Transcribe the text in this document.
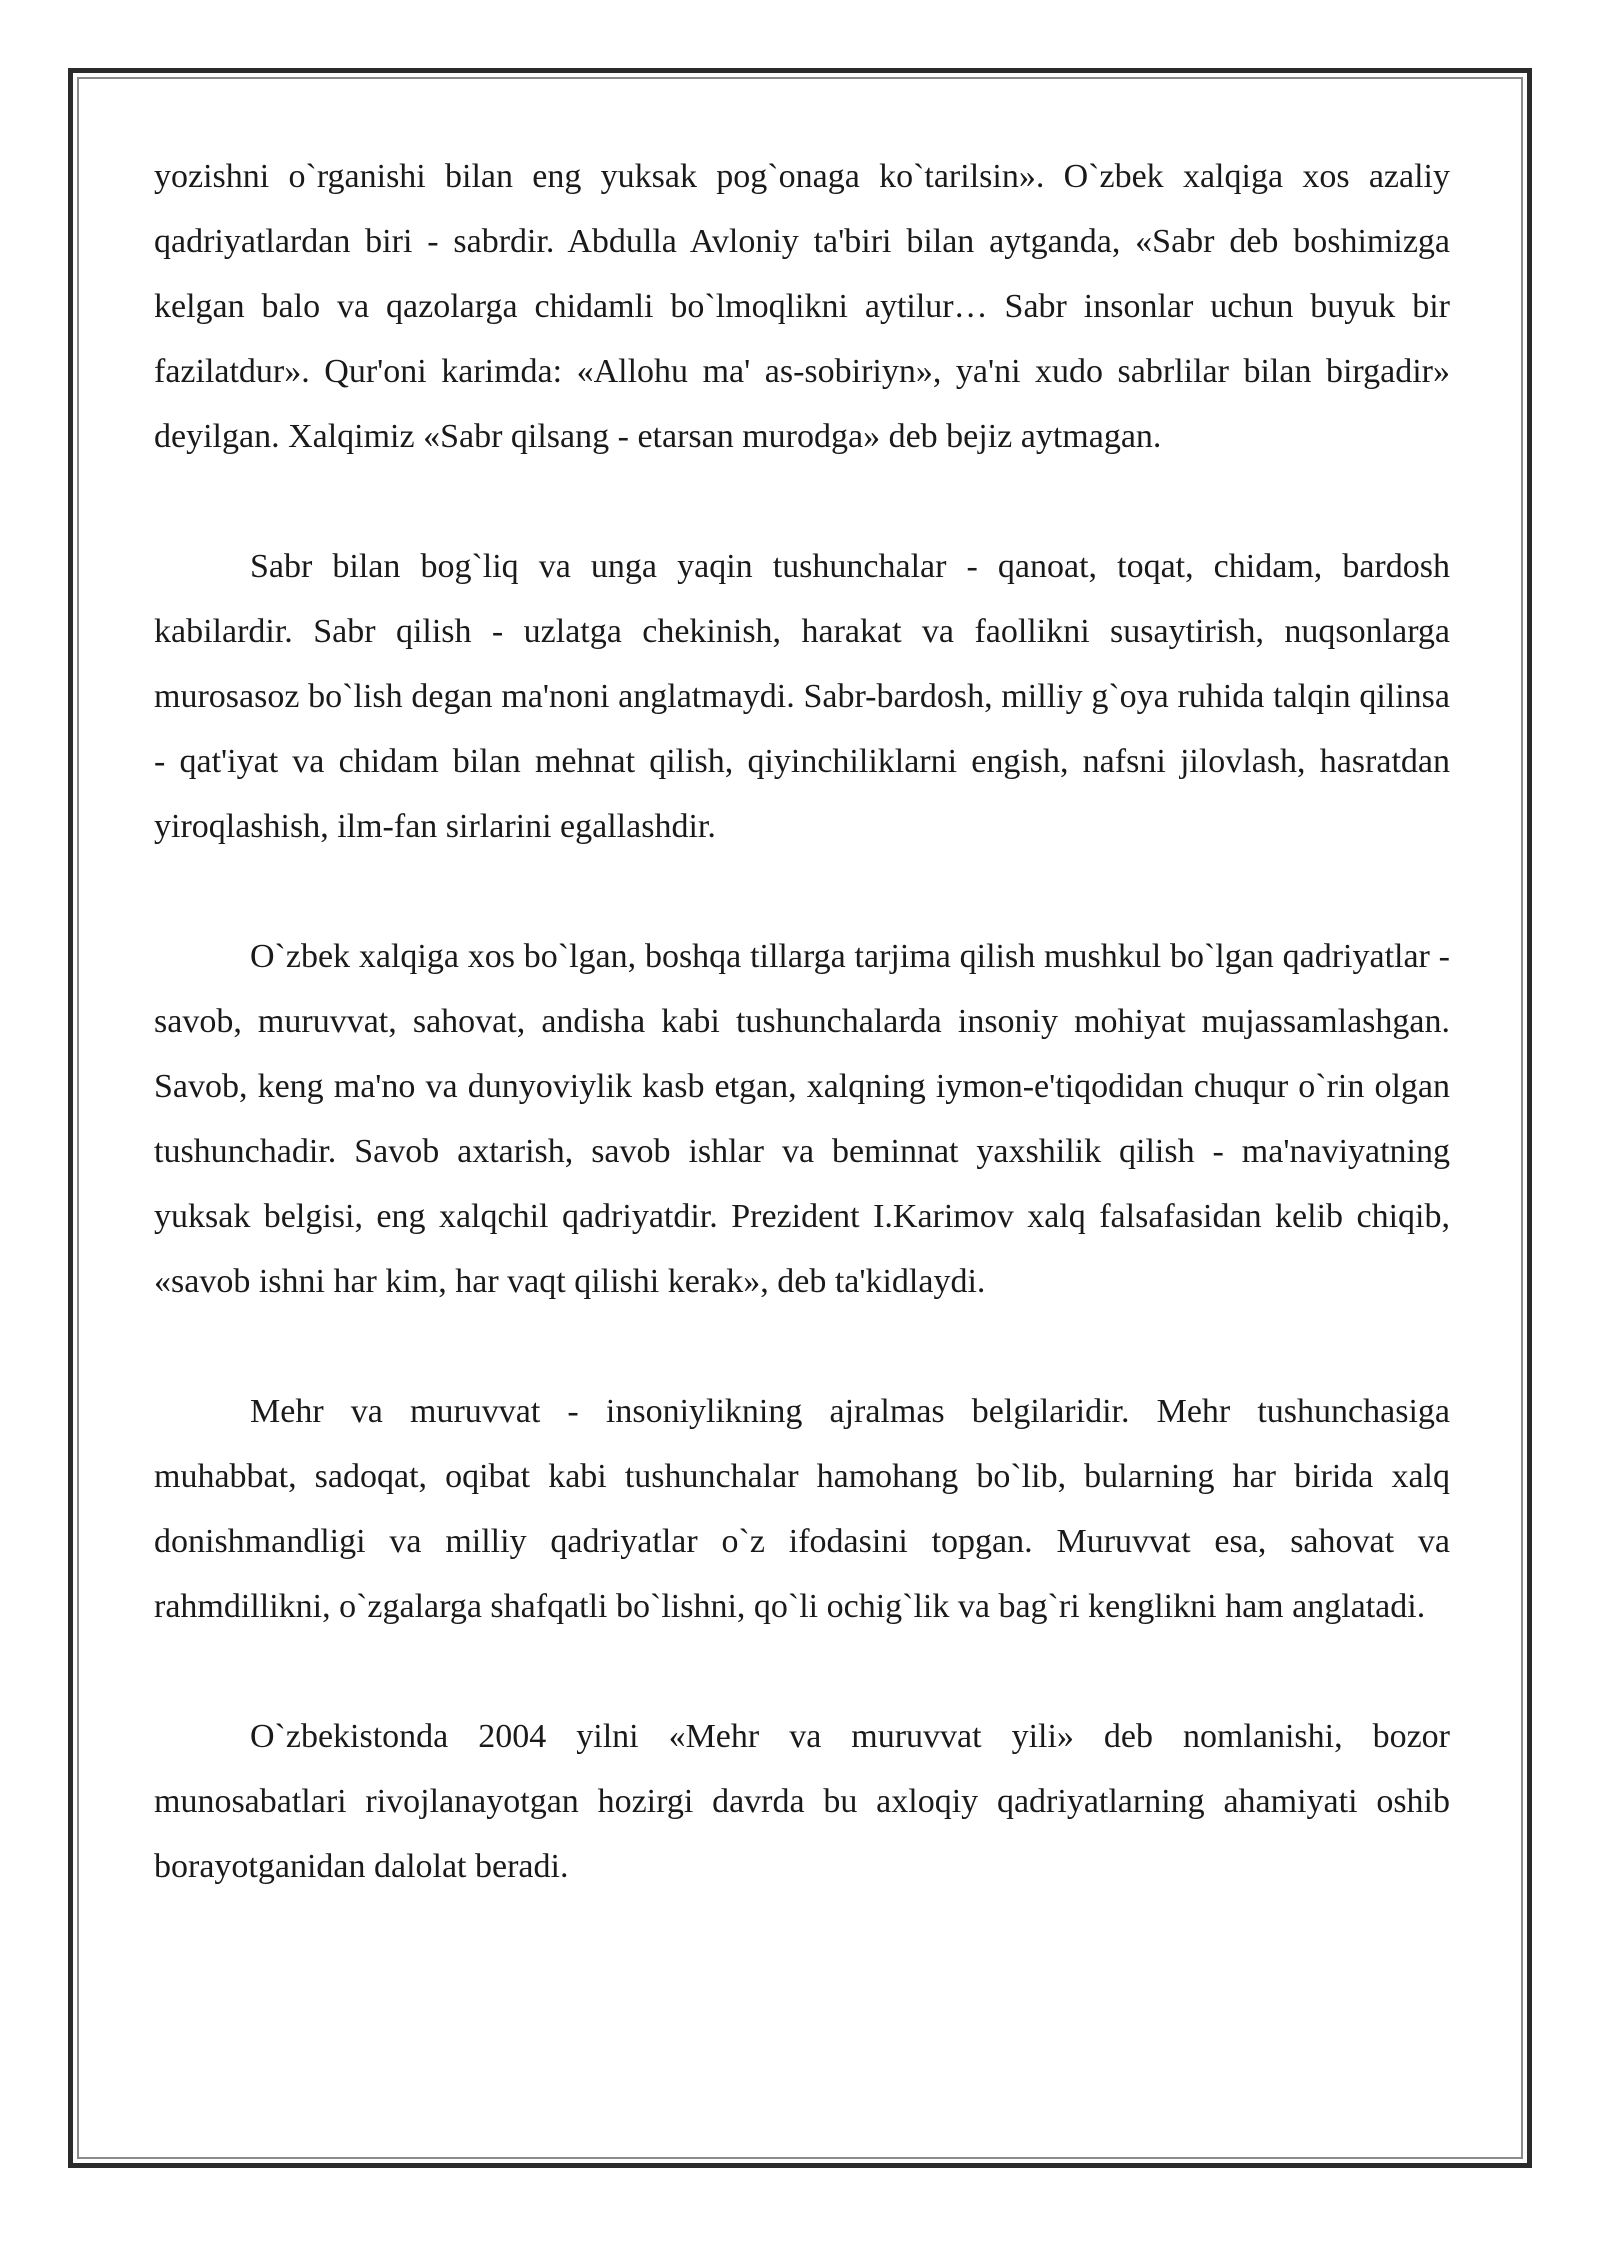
yozishni o`rganishi bilan eng yuksak pog`onaga ko`tarilsin». O`zbek xalqiga xos azaliy qadriyatlardan biri - sabrdir. Abdulla Avloniy ta'biri bilan aytganda, «Sabr deb boshimizga kelgan balo va qazolarga chidamli bo`lmoqlikni aytilur… Sabr insonlar uchun buyuk bir fazilatdur». Qur'oni karimda: «Allohu ma' as-sobiriyn», ya'ni xudo sabrlilar bilan birgadir» deyilgan. Xalqimiz «Sabr qilsang - etarsan murodga» deb bejiz aytmagan.

Sabr bilan bog`liq va unga yaqin tushunchalar - qanoat, toqat, chidam, bardosh kabilardir. Sabr qilish - uzlatga chekinish, harakat va faollikni susaytirish, nuqsonlarga murosasoz bo`lish degan ma'noni anglatmaydi. Sabr-bardosh, milliy g`oya ruhida talqin qilinsa - qat'iyat va chidam bilan mehnat qilish, qiyinchiliklarni engish, nafsni jilovlash, hasratdan yiroqlashish, ilm-fan sirlarini egallashdir.

O`zbek xalqiga xos bo`lgan, boshqa tillarga tarjima qilish mushkul bo`lgan qadriyatlar -savob, muruvvat, sahovat, andisha kabi tushunchalarda insoniy mohiyat mujassamlashgan. Savob, keng ma'no va dunyoviylik kasb etgan, xalqning iymon-e'tiqodidan chuqur o`rin olgan tushunchadir. Savob axtarish, savob ishlar va beminnat yaxshilik qilish - ma'naviyatning yuksak belgisi, eng xalqchil qadriyatdir. Prezident I.Karimov xalq falsafasidan kelib chiqib, «savob ishni har kim, har vaqt qilishi kerak», deb ta'kidlaydi.

Mehr va muruvvat - insoniylikning ajralmas belgilaridir. Mehr tushunchasiga muhabbat, sadoqat, oqibat kabi tushunchalar hamohang bo`lib, bularning har birida xalq donishmandligi va milliy qadriyatlar o`z ifodasini topgan. Muruvvat esa, sahovat va rahmdillikni, o`zgalarga shafqatli bo`lishni, qo`li ochig`lik va bag`ri kenglikni ham anglatadi.

O`zbekistonda 2004 yilni «Mehr va muruvvat yili» deb nomlanishi, bozor munosabatlari rivojlanayotgan hozirgi davrda bu axloqiy qadriyatlarning ahamiyati oshib borayotganidan dalolat beradi.
